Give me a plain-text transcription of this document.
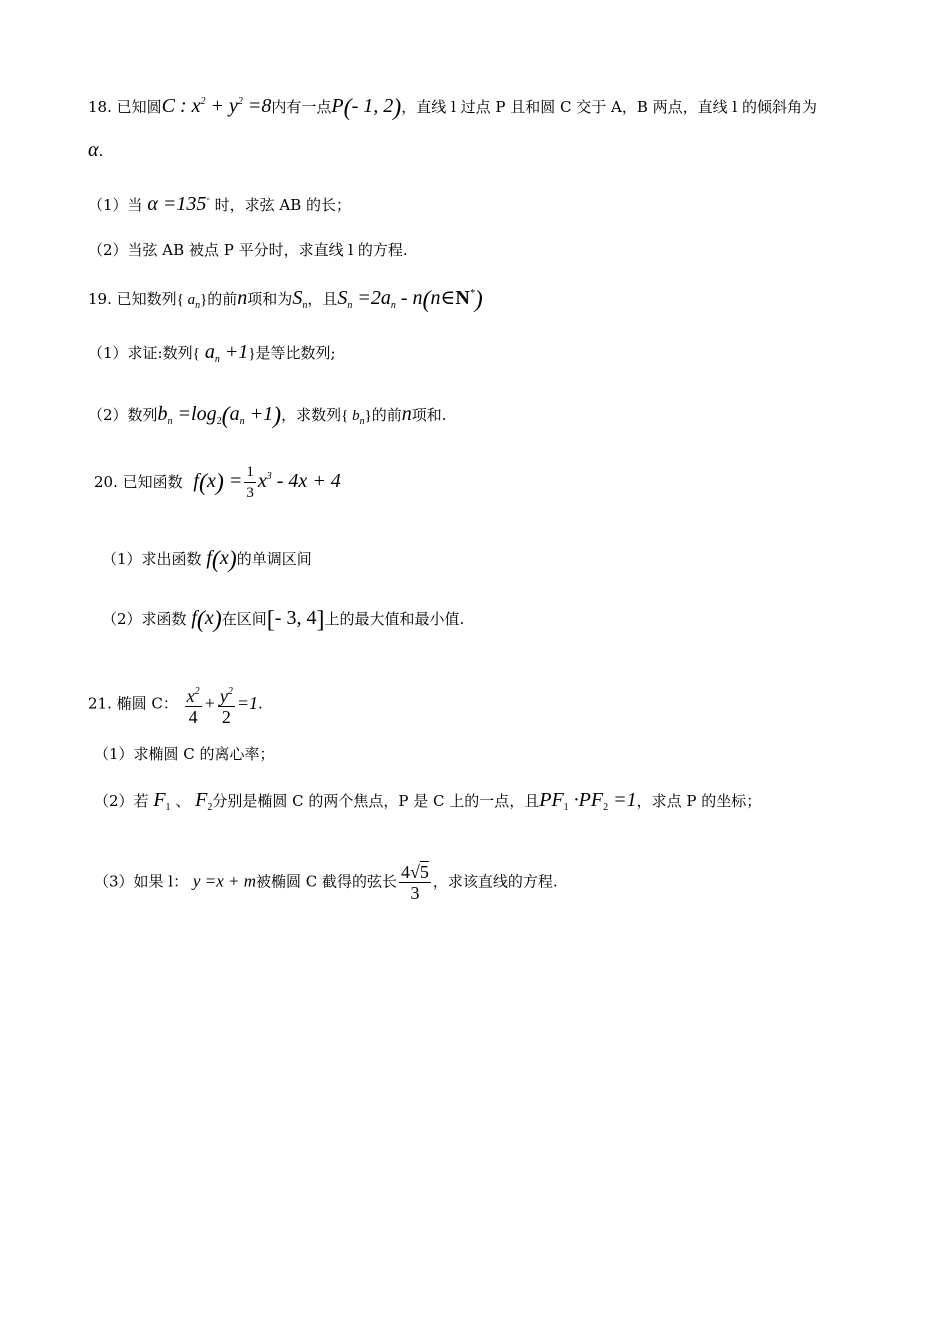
18. 已知圆C : $x^2 + y^2 =8$内有一点P(- 1, 2)，直线 l 过点 P 且和圆 C 交于 A，B 两点，直线 l 的倾斜角为
α.
（1）当 α =135◦ 时，求弦 AB 的长；
（2）当弦 AB 被点 P 平分时，求直线 l 的方程.
19. 已知数列{ $a_n$}的前n项和为$S_n$，且$S_n =2a_n$ - n(n∈N*)
（1）求证:数列{ $a_n +1$}是等比数列;
（2）数列$b_n =\log_2(a_n +1)$，求数列{ $b_n$}的前n项和.
20. 已知函数 $f(x) = \frac{1}{3} x^3 - 4x + 4$
（1）求出函数 f(x)的单调区间
（2）求函数 f(x)在区间[- 3, 4]上的最大值和最小值.
21. 椭圆 C： $\frac{x^2}{4} + \frac{y^2}{2} =1$.
（1）求椭圆 C 的离心率；
（2）若 $F_1$ 、 $F_2$分别是椭圆 C 的两个焦点，P 是 C 上的一点，且$PF_1 \cdot PF_2 =1$，求点 P 的坐标；
（3）如果 l： y =x + m被椭圆 C 截得的弦长 $\frac{4√5}{3}$ ，求该直线的方程.
